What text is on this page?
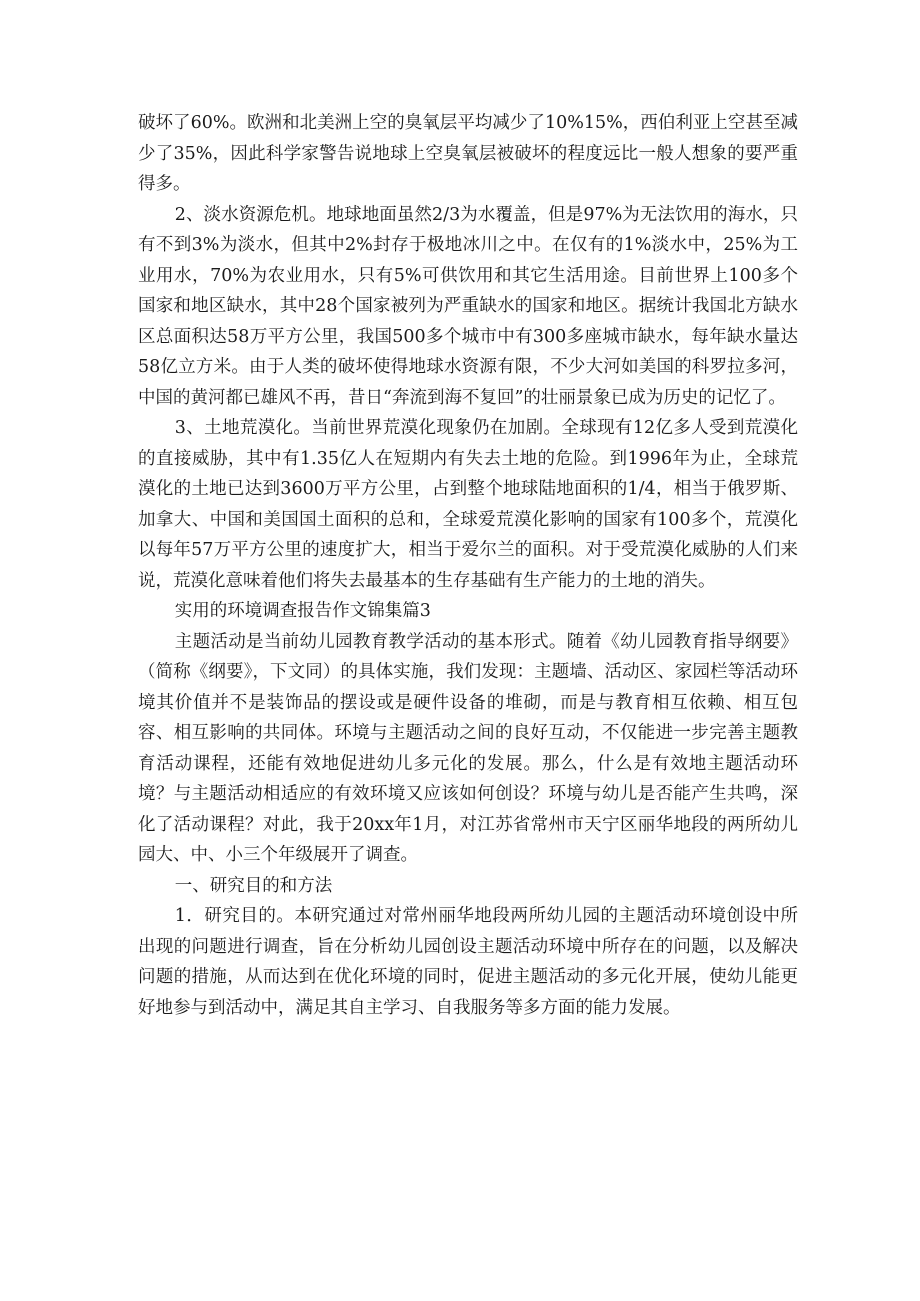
破坏了60%。欧洲和北美洲上空的臭氧层平均减少了10%15%，西伯利亚上空甚至减少了35%，因此科学家警告说地球上空臭氧层被破坏的程度远比一般人想象的要严重得多。

2、淡水资源危机。地球地面虽然2/3为水覆盖，但是97%为无法饮用的海水，只有不到3%为淡水，但其中2%封存于极地冰川之中。在仅有的1%淡水中，25%为工业用水，70%为农业用水，只有5%可供饮用和其它生活用途。目前世界上100多个国家和地区缺水，其中28个国家被列为严重缺水的国家和地区。据统计我国北方缺水区总面积达58万平方公里，我国500多个城市中有300多座城市缺水，每年缺水量达58亿立方米。由于人类的破坏使得地球水资源有限，不少大河如美国的科罗拉多河，中国的黄河都已雄风不再，昔日“奔流到海不复回”的壮丽景象已成为历史的记忆了。

3、土地荒漠化。当前世界荒漠化现象仍在加剧。全球现有12亿多人受到荒漠化的直接威胁，其中有1.35亿人在短期内有失去土地的危险。到1996年为止，全球荒漠化的土地已达到3600万平方公里，占到整个地球陆地面积的1/4，相当于俄罗斯、加拿大、中国和美国国土面积的总和，全球爱荒漠化影响的国家有100多个，荒漠化以每年57万平方公里的速度扩大，相当于爱尔兰的面积。对于受荒漠化威胁的人们来说，荒漠化意味着他们将失去最基本的生存基础有生产能力的土地的消失。

实用的环境调查报告作文锦集篇3

主题活动是当前幼儿园教育教学活动的基本形式。随着《幼儿园教育指导纲要》（简称《纲要》，下文同）的具体实施，我们发现：主题墙、活动区、家园栏等活动环境其价值并不是装饰品的摆设或是硬件设备的堆砌，而是与教育相互依赖、相互包容、相互影响的共同体。环境与主题活动之间的良好互动，不仅能进一步完善主题教育活动课程，还能有效地促进幼儿多元化的发展。那么，什么是有效地主题活动环境？与主题活动相适应的有效环境又应该如何创设？环境与幼儿是否能产生共鸣，深化了活动课程？对此，我于20xx年1月，对江苏省常州市天宁区丽华地段的两所幼儿园大、中、小三个年级展开了调查。

一、研究目的和方法

1．研究目的。本研究通过对常州丽华地段两所幼儿园的主题活动环境创设中所出现的问题进行调查，旨在分析幼儿园创设主题活动环境中所存在的问题，以及解决问题的措施，从而达到在优化环境的同时，促进主题活动的多元化开展，使幼儿能更好地参与到活动中，满足其自主学习、自我服务等多方面的能力发展。
